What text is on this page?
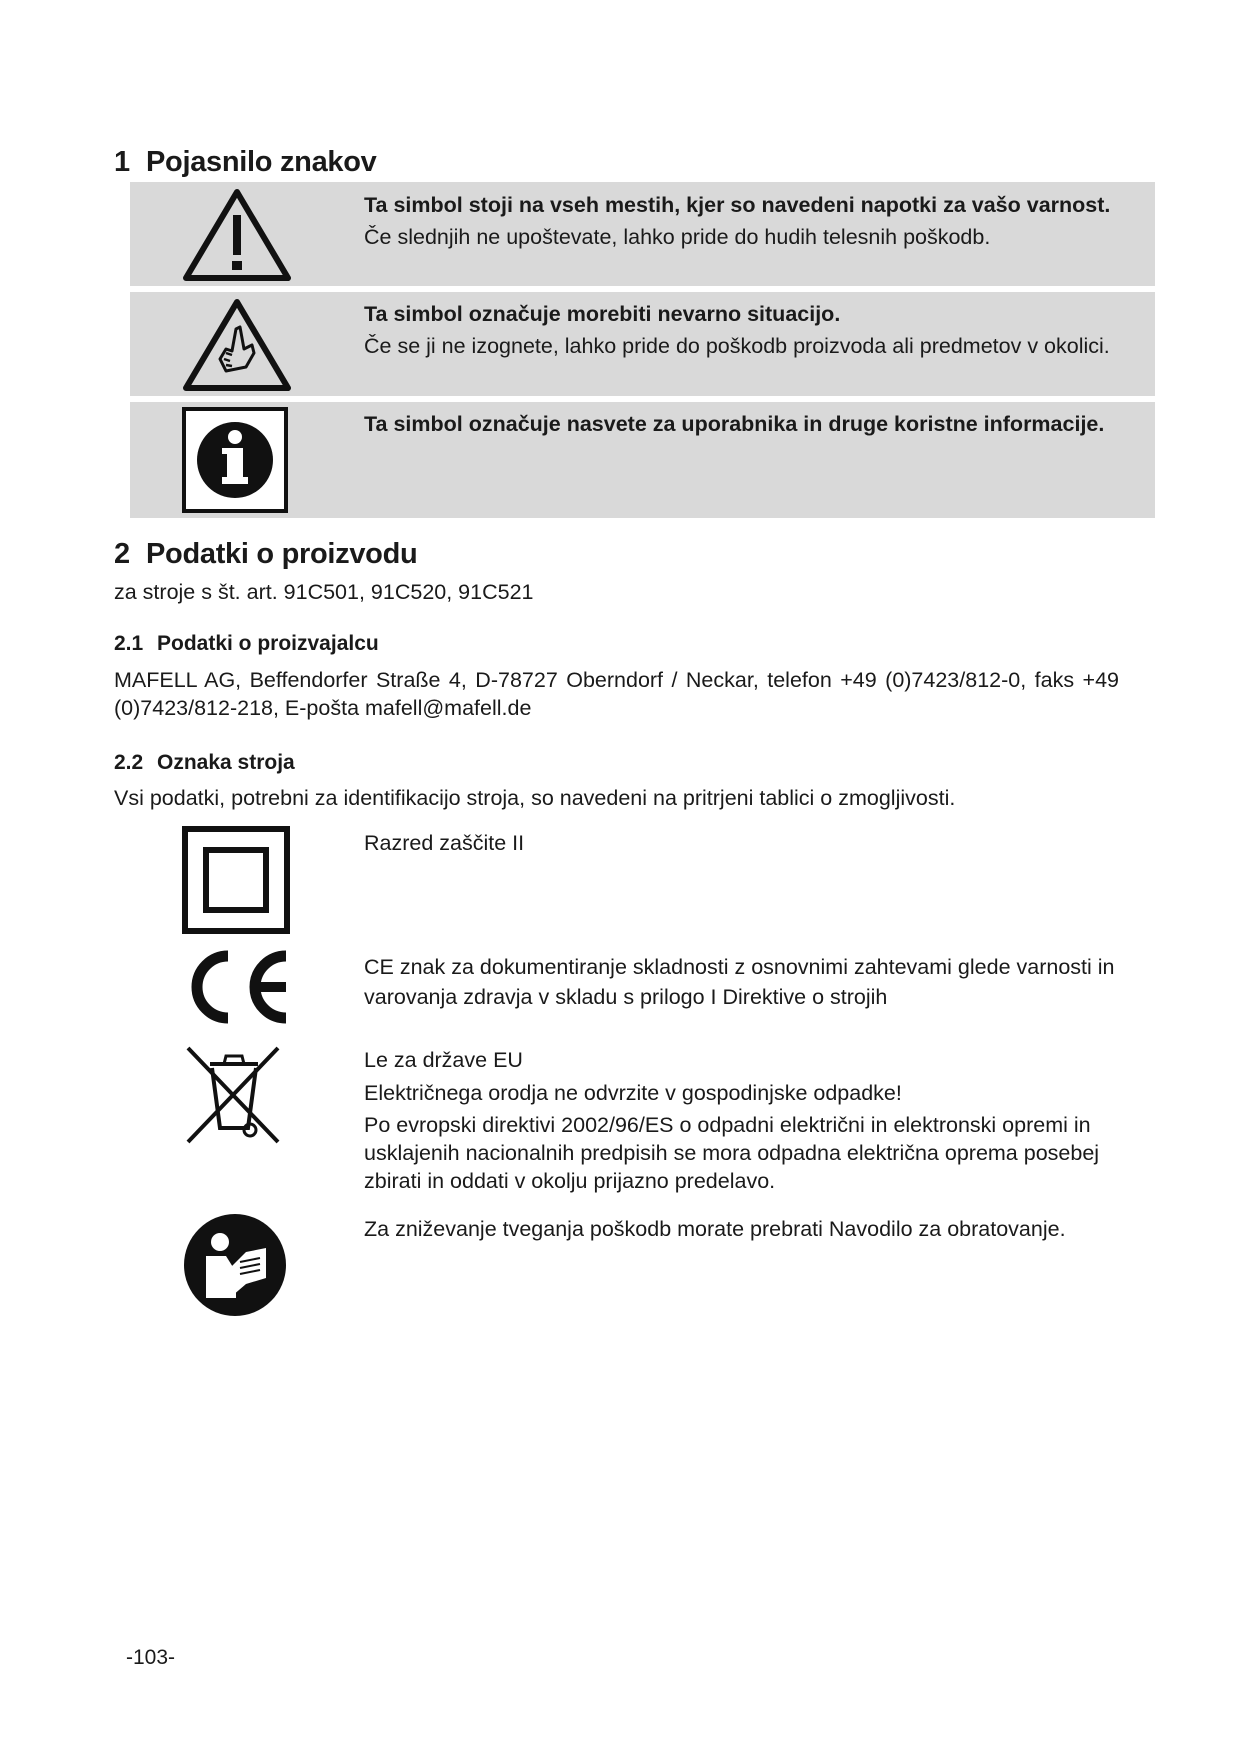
1 Pojasnilo znakov
Ta simbol stoji na vseh mestih, kjer so navedeni napotki za vašo varnost.
Če slednjih ne upoštevate, lahko pride do hudih telesnih poškodb.
Ta simbol označuje morebiti nevarno situacijo.
Če se ji ne izognete, lahko pride do poškodb proizvoda ali predmetov v okolici.
Ta simbol označuje nasvete za uporabnika in druge koristne informacije.
2 Podatki o proizvodu
za stroje s št. art. 91C501, 91C520, 91C521
2.1 Podatki o proizvajalcu
MAFELL AG, Beffendorfer Straße 4, D-78727 Oberndorf / Neckar, telefon +49 (0)7423/812-0, faks +49 (0)7423/812-218, E-pošta mafell@mafell.de
2.2 Oznaka stroja
Vsi podatki, potrebni za identifikacijo stroja, so navedeni na pritrjeni tablici o zmogljivosti.
Razred zaščite II
CE znak za dokumentiranje skladnosti z osnovnimi zahtevami glede varnosti in varovanja zdravja v skladu s prilogo I Direktive o strojih
Le za države EU
Električnega orodja ne odvrzite v gospodinjske odpadke!
Po evropski direktivi 2002/96/ES o odpadni električni in elektronski opremi in usklajenih nacionalnih predpisih se mora odpadna električna oprema posebej zbirati in oddati v okolju prijazno predelavo.
Za zniževanje tveganja poškodb morate prebrati Navodilo za obratovanje.
-103-
